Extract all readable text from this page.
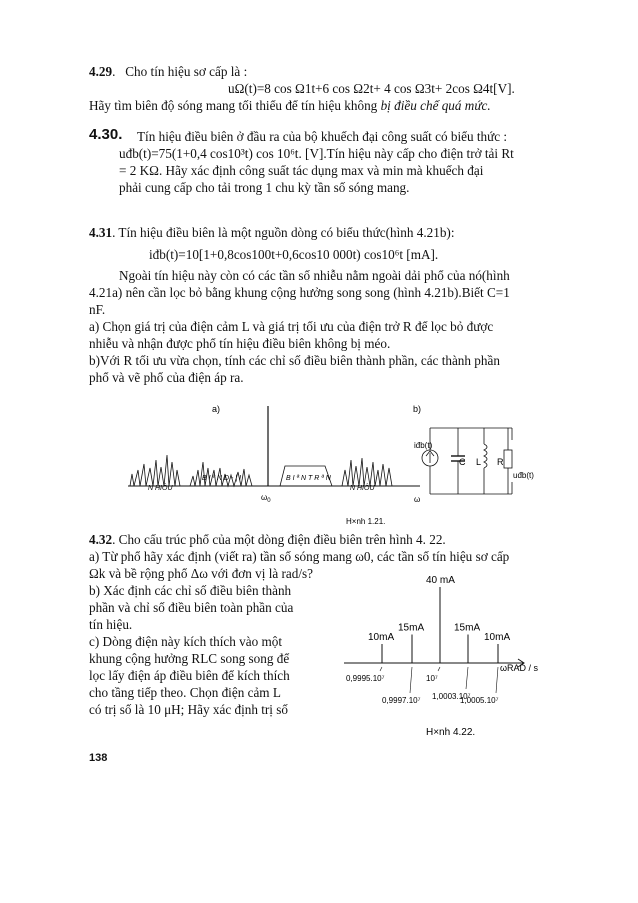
4.29.   Cho tín hiệu sơ cấp là :
uΩ(t)=8 cos Ω1t+6 cos Ω2t+ 4 cos Ω3t+ 2cos Ω4t[V].
Hãy tìm biên độ sóng mang tối thiểu để tín hiệu không bị điều chế quá mức.
4.30. Tín hiệu điều biên ở đầu ra của bộ khuếch đại công suất có biểu thức :
uđb(t)=75(1+0,4 cos10³t) cos 10⁶t. [V].Tín hiệu này cấp cho điện trở tải Rt
= 2 KΩ. Hãy xác định công suất tác dụng max và min mà khuếch đại
phải cung cấp cho tải trong 1 chu kỳ tần số sóng mang.
4.31. Tín hiệu điều biên là một nguồn dòng có biểu thức(hình 4.21b):
iđb(t)=10[1+0,8cos100t+0,6cos10 000t) cos10⁶t [mA].
Ngoài tín hiệu này còn có các tần số nhiễu nằm ngoài dải phổ của nó(hình
4.21a) nên cần lọc bỏ bằng khung cộng hưởng song song (hình 4.21b).Biết C=1
nF.
a) Chọn giá trị của điện cảm L và giá trị tối ưu của điện trở R để lọc bỏ được
nhiễu và nhận được phổ tín hiệu điều biên không bị méo.
b)Với R tối ưu vừa chọn, tính các chỉ số điều biên thành phần, các thành phần
phổ và vẽ phổ của điện áp ra.
a)
N HIÔU
B I ª N D - ¦ I
$\omega_0$
B I ª N T R ª N
N HIÔU
ω
b)
iđb(t)
C L R
uđb(t)
H×nh 1.21.
4.32. Cho cấu trúc phổ của một dòng điện điều biên trên hình 4. 22.
a) Từ phổ hãy xác định (viết ra) tần số sóng mang ω0, các tần số tín hiệu sơ cấp
Ωk và bề rộng phổ Δω với đơn vị là rad/s?
b) Xác định các chỉ số điều biên thành
phần và chỉ số điều biên toàn phần của
tín hiệu.
c) Dòng điện này kích thích vào một
khung cộng hưởng RLC song song để
lọc lấy điện áp điều biên để kích thích
cho tầng tiếp theo. Chọn điện cảm L
có trị số là 10 μH; Hãy xác định trị số
ωRAD / s
10mA
0,9995.10⁷
15mA
0,9997.10⁷
40 mA
10⁷
15mA
1,0003.10⁷
10mA
1,0005.10⁷
H×nh 4.22.
138
